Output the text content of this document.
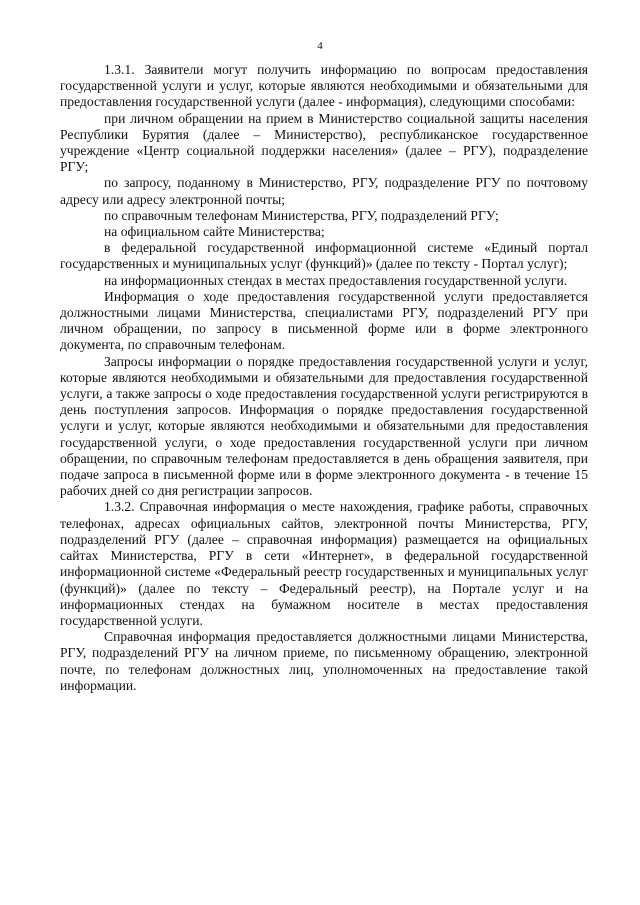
4

1.3.1. Заявители могут получить информацию по вопросам предоставления государственной услуги и услуг, которые являются необходимыми и обязательными для предоставления государственной услуги (далее - информация), следующими способами:

при личном обращении на прием в Министерство социальной защиты населения Республики Бурятия (далее – Министерство), республиканское государственное учреждение «Центр социальной поддержки населения» (далее – РГУ), подразделение РГУ;

по запросу, поданному в Министерство, РГУ, подразделение РГУ по почтовому адресу или адресу электронной почты;

по справочным телефонам Министерства, РГУ, подразделений РГУ;

на официальном сайте Министерства;

в федеральной государственной информационной системе «Единый портал государственных и муниципальных услуг (функций)» (далее по тексту - Портал услуг);

на информационных стендах в местах предоставления государственной услуги.

Информация о ходе предоставления государственной услуги предоставляется должностными лицами Министерства, специалистами РГУ, подразделений РГУ при личном обращении, по запросу в письменной форме или в форме электронного документа, по справочным телефонам.

Запросы информации о порядке предоставления государственной услуги и услуг, которые являются необходимыми и обязательными для предоставления государственной услуги, а также запросы о ходе предоставления государственной услуги регистрируются в день поступления запросов. Информация о порядке предоставления государственной услуги и услуг, которые являются необходимыми и обязательными для предоставления государственной услуги, о ходе предоставления государственной услуги при личном обращении, по справочным телефонам предоставляется в день обращения заявителя, при подаче запроса в письменной форме или в форме электронного документа - в течение 15 рабочих дней со дня регистрации запросов.

1.3.2. Справочная информация о месте нахождения, графике работы, справочных телефонах, адресах официальных сайтов, электронной почты Министерства, РГУ, подразделений РГУ (далее – справочная информация) размещается на официальных сайтах Министерства, РГУ в сети «Интернет», в федеральной государственной информационной системе «Федеральный реестр государственных и муниципальных услуг (функций)» (далее по тексту – Федеральный реестр), на Портале услуг и на информационных стендах на бумажном носителе в местах предоставления государственной услуги.

Справочная информация предоставляется должностными лицами Министерства, РГУ, подразделений РГУ на личном приеме, по письменному обращению, электронной почте, по телефонам должностных лиц, уполномоченных на предоставление такой информации.
